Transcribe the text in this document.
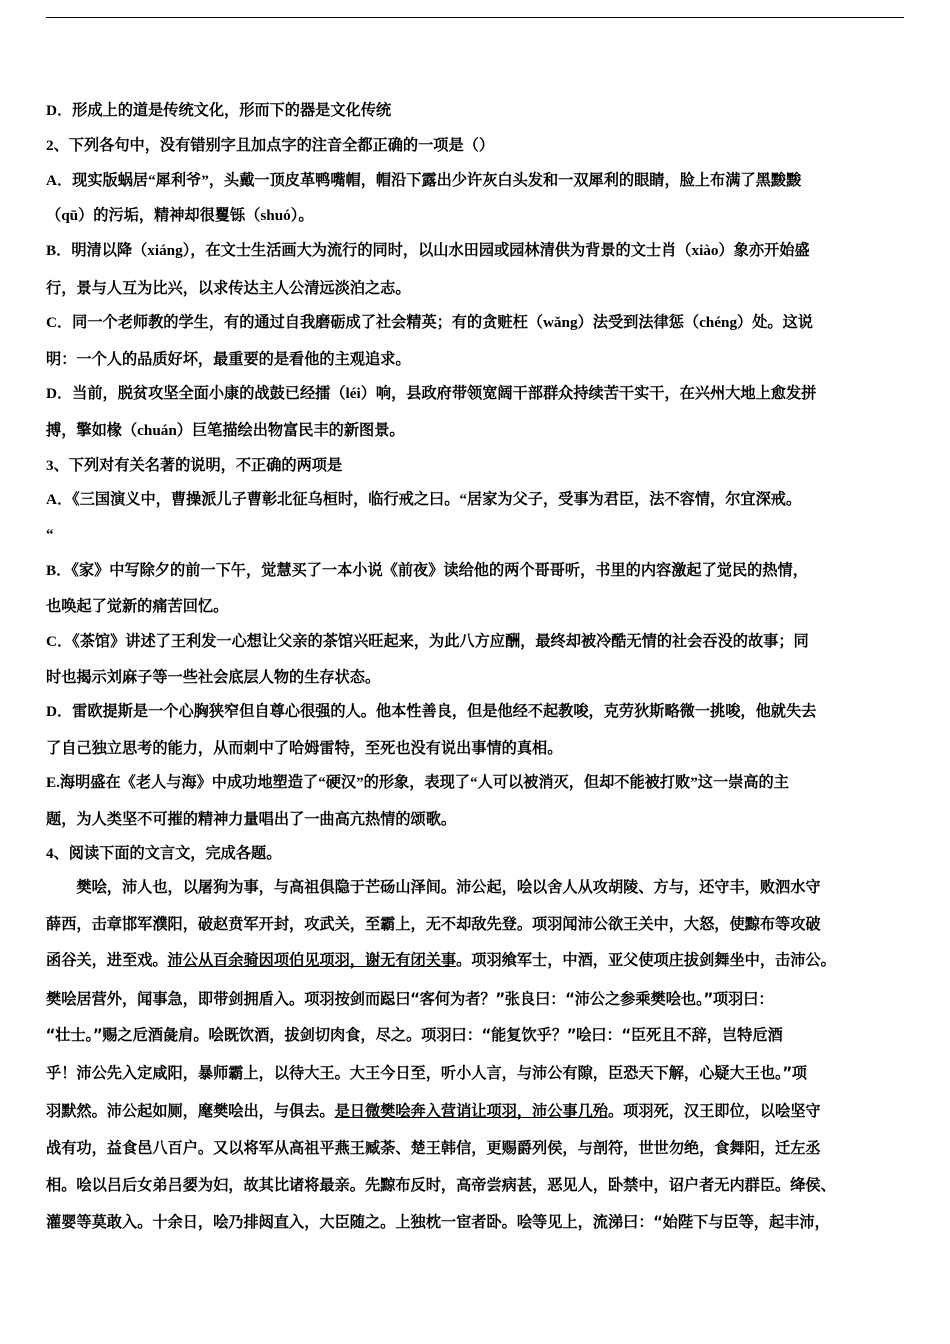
D．形成上的道是传统文化，形而下的器是文化传统
2、下列各句中，没有错别字且加点字的注音全都正确的一项是（）
A．现实版蜗居“犀利爷”，头戴一顶皮革鸭嘴帽，帽沿下露出少许灰白头发和一双犀利的眼睛，脸上布满了黑黢黢
（qū）的污垢，精神却很矍铄（shuó）。
B．明清以降（xiáng），在文士生活画大为流行的同时，以山水田园或园林清供为背景的文士肖（xiào）象亦开始盛
行，景与人互为比兴，以求传达主人公清远淡泊之志。
C．同一个老师教的学生，有的通过自我磨砺成了社会精英；有的贪赃枉（wǎng）法受到法律惩（chéng）处。这说
明：一个人的品质好坏，最重要的是看他的主观追求。
D．当前，脱贫攻坚全面小康的战鼓已经擂（léi）响，县政府带领宽阔干部群众持续苦干实干，在兴州大地上愈发拼
搏，擎如椽（chuán）巨笔描绘出物富民丰的新图景。
3、下列对有关名著的说明，不正确的两项是
A．《三国演义中，曹操派儿子曹彰北征乌桓时，临行戒之曰。“居家为父子，受事为君臣，法不容情，尔宜深戒。
“
B．《家》中写除夕的前一下午，觉慧买了一本小说《前夜》读给他的两个哥哥听，书里的内容激起了觉民的热情，
也唤起了觉新的痛苦回忆。
C．《茶馆》讲述了王利发一心想让父亲的茶馆兴旺起来，为此八方应酬，最终却被冷酷无情的社会吞没的故事；同
时也揭示刘麻子等一些社会底层人物的生存状态。
D．雷欧提斯是一个心胸狭窄但自尊心很强的人。他本性善良，但是他经不起教唆，克劳狄斯略微一挑唆，他就失去
了自己独立思考的能力，从而刺中了哈姆雷特，至死也没有说出事情的真相。
E.海明盛在《老人与海》中成功地塑造了“硬汉”的形象，表现了“人可以被消灭，但却不能被打败”这一崇高的主
题，为人类坚不可摧的精神力量唱出了一曲高亢热情的颂歌。
4、阅读下面的文言文，完成各题。
　　樊哙，沛人也，以屠狗为事，与高祖俱隐于芒砀山泽间。沛公起，哙以舍人从攻胡陵、方与，还守丰，败泗水守
薛西，击章邯军濮阳，破赵贲军开封，攻武关，至霸上，无不却敌先登。项羽闻沛公欲王关中，大怒，使黥布等攻破
函谷关，进至戏。沛公从百余骑因项伯见项羽，谢无有闭关事。项羽飨军士，中酒，亚父使项庄拔剑舞坐中，击沛公。
樊哙居营外，闻事急，即带剑拥盾入。项羽按剑而跽曰“客何为者？”张良曰：“沛公之参乘樊哙也。”项羽曰：
“壮士。”赐之卮酒彘肩。哙既饮酒，拔剑切肉食，尽之。项羽曰：“能复饮乎？”哙曰：“臣死且不辞，岂特卮酒
乎！沛公先入定咸阳，暴师霸上，以待大王。大王今日至，听小人言，与沛公有隙，臣恐天下解，心疑大王也。”项
羽默然。沛公起如厕，麾樊哙出，与俱去。是日微樊哙奔入营诮让项羽，沛公事几殆。项羽死，汉王即位，以哙坚守
战有功，益食邑八百户。又以将军从高祖平燕王臧荼、楚王韩信，更赐爵列侯，与剖符，世世勿绝，食舞阳，迁左丞
相。哙以吕后女弟吕媭为妇，故其比诸将最亲。先黥布反时，高帝尝病甚，恶见人，卧禁中，诏户者无内群臣。绛侯、
灌婴等莫敢入。十余日，哙乃排闼直入，大臣随之。上独枕一宦者卧。哙等见上，流涕曰：“始陛下与臣等，起丰沛，
